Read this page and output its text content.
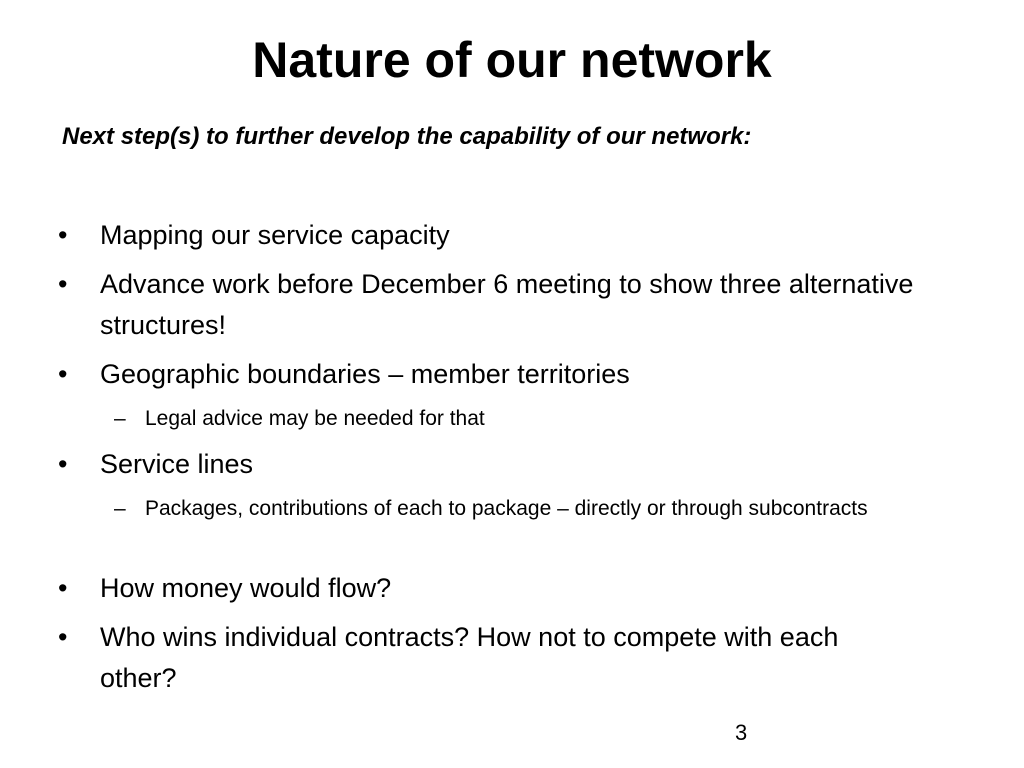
Nature of our network

Next step(s) to further develop the capability of our network:

•	Mapping our service capacity
•	Advance work before December 6 meeting to show three alternative structures!
•	Geographic boundaries – member territories
– Legal advice may be needed for that
•	Service lines
– Packages, contributions of each to package – directly or through subcontracts
•	How money would flow?
•	Who wins individual contracts? How not to compete with each other?
3
